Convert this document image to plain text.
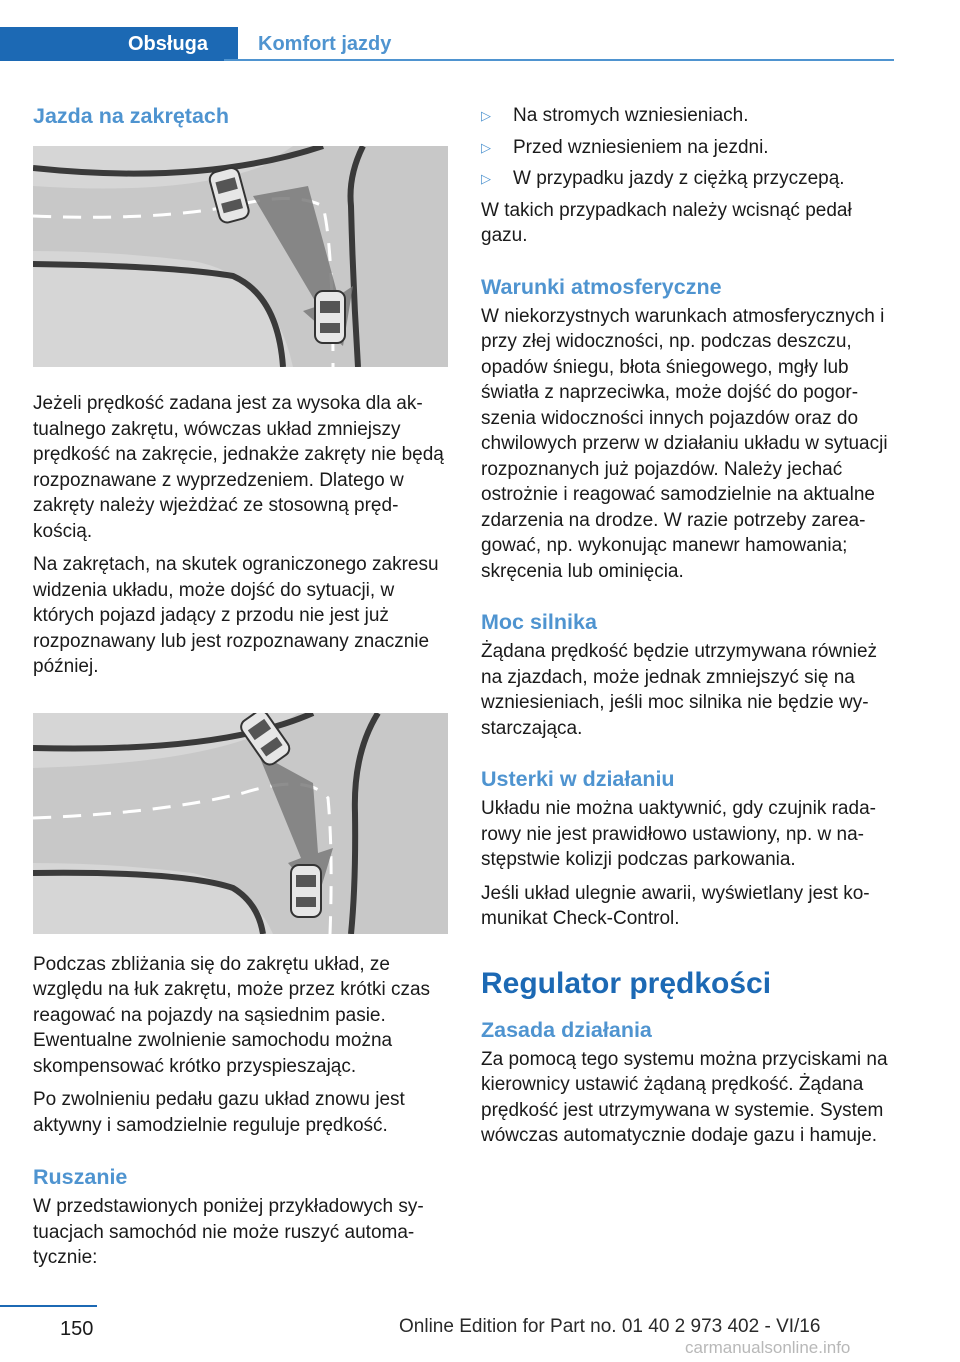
Obsługa	Komfort jazdy
Jazda na zakrętach

Jeżeli prędkość zadana jest za wysoka dla aktualnego zakrętu, wówczas układ zmniejszy prędkość na zakręcie, jednakże zakręty nie będą rozpoznawane z wyprzedzeniem. Dlatego w zakręty należy wjeżdżać ze stosowną prędkością.

Na zakrętach, na skutek ograniczonego zakresu widzenia układu, może dojść do sytuacji, w których pojazd jadący z przodu nie jest już rozpoznawany lub jest rozpoznawany znacznie później.

Podczas zbliżania się do zakrętu układ, ze względu na łuk zakrętu, może przez krótki czas reagować na pojazdy na sąsiednim pasie. Ewentualne zwolnienie samochodu można skompensować krótko przyspieszając.

Po zwolnieniu pedału gazu układ znowu jest aktywny i samodzielnie reguluje prędkość.

Ruszanie

W przedstawionych poniżej przykładowych sytuacjach samochód nie może ruszyć automatycznie:

▷	Na stromych wzniesieniach.
▷	Przed wzniesieniem na jezdni.
▷	W przypadku jazdy z ciężką przyczepą.

W takich przypadkach należy wcisnąć pedał gazu.

Warunki atmosferyczne

W niekorzystnych warunkach atmosferycznych i przy złej widoczności, np. podczas deszczu, opadów śniegu, błota śniegowego, mgły lub światła z naprzeciwka, może dojść do pogorszenia widoczności innych pojazdów oraz do chwilowych przerw w działaniu układu w sytuacji rozpoznanych już pojazdów. Należy jechać ostrożnie i reagować samodzielnie na aktualne zdarzenia na drodze. W razie potrzeby zareagować, np. wykonując manewr hamowania; skręcenia lub ominięcia.

Moc silnika

Żądana prędkość będzie utrzymywana również na zjazdach, może jednak zmniejszyć się na wzniesieniach, jeśli moc silnika nie będzie wystarczająca.

Usterki w działaniu

Układu nie można uaktywnić, gdy czujnik radarowy nie jest prawidłowo ustawiony, np. w następstwie kolizji podczas parkowania.

Jeśli układ ulegnie awarii, wyświetlany jest komunikat Check-Control.

Regulator prędkości
Zasada działania

Za pomocą tego systemu można przyciskami na kierownicy ustawić żądaną prędkość. Żądana prędkość jest utrzymywana w systemie. System wówczas automatycznie dodaje gazu i hamuje.

150	Online Edition for Part no. 01 40 2 973 402 - VI/16
carmanualsonline.info
